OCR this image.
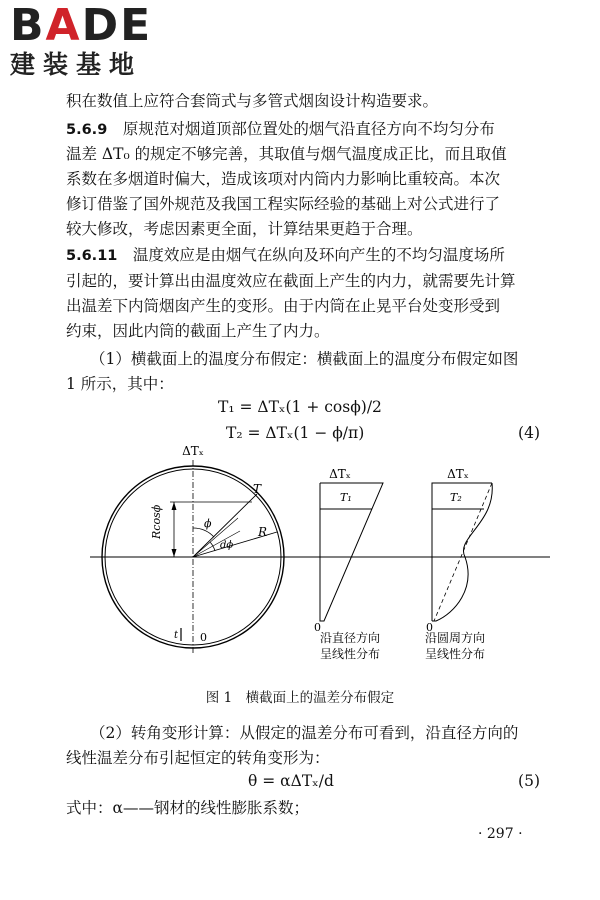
BADE
建装基地
积在数值上应符合套筒式与多管式烟囱设计构造要求。
5.6.9　 原规范对烟道顶部位置处的烟气沿直径方向不均匀分布
温差 ΔT₀ 的规定不够完善，其取值与烟气温度成正比，而且取值
系数在多烟道时偏大，造成该项对内筒内力影响比重较高。本次
修订借鉴了国外规范及我国工程实际经验的基础上对公式进行了
较大修改，考虑因素更全面，计算结果更趋于合理。
5.6.11　 温度效应是由烟气在纵向及环向产生的不均匀温度场所
引起的，要计算出由温度效应在截面上产生的内力，就需要先计算
出温差下内筒烟囱产生的变形。由于内筒在止晃平台处变形受到
约束，因此内筒的截面上产生了内力。
（1）横截面上的温度分布假定：横截面上的温度分布假定如图
1 所示，其中：
T₁ = ΔTₓ(1 + cosϕ)/2
T₂ = ΔTₓ(1 − ϕ/π)	(4)
ΔTₓ
T
R
Rcosϕ	ϕ
dϕ
t 0
ΔTₓ
T₁
0
沿直径方向
呈线性分布
ΔTₓ
T₂
0
沿圆周方向
呈线性分布
图 1　横截面上的温差分布假定
（2）转角变形计算：从假定的温差分布可看到，沿直径方向的
线性温差分布引起恒定的转角变形为：
θ = αΔTₓ/d	(5)
式中：α——钢材的线性膨胀系数；
· 297 ·
